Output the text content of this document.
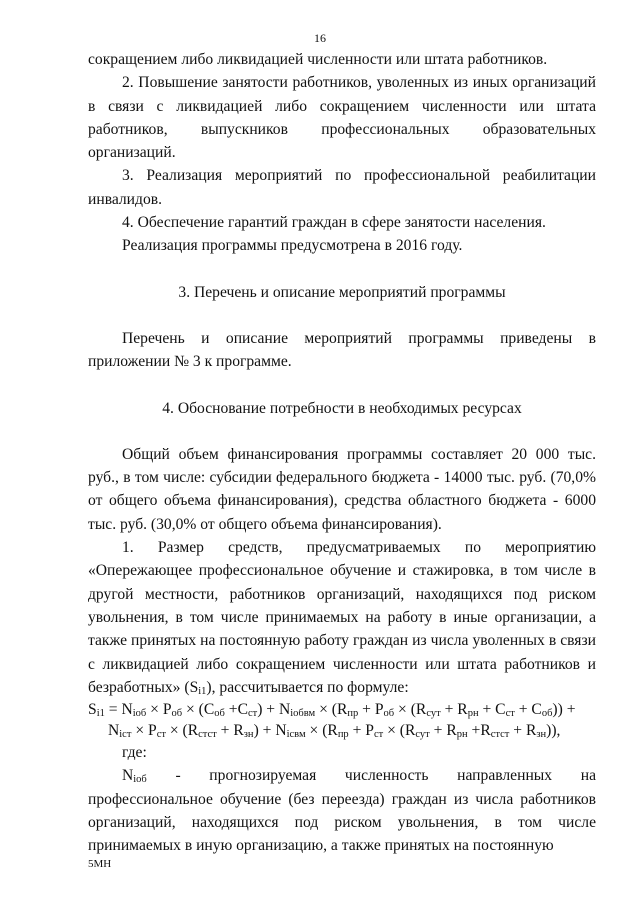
16

сокращением либо ликвидацией численности или штата работников.

2. Повышение занятости работников, уволенных из иных организаций в связи с ликвидацией либо сокращением численности или штата работников, выпускников профессиональных образовательных организаций.

3. Реализация мероприятий по профессиональной реабилитации инвалидов.

4. Обеспечение гарантий граждан в сфере занятости населения.

Реализация программы предусмотрена в 2016 году.

3. Перечень и описание мероприятий программы

Перечень и описание мероприятий программы приведены в приложении № 3 к программе.

4. Обоснование потребности в необходимых ресурсах

Общий объем финансирования программы составляет 20 000 тыс. руб., в том числе: субсидии федерального бюджета - 14000 тыс. руб. (70,0% от общего объема финансирования), средства областного бюджета - 6000 тыс. руб. (30,0% от общего объема финансирования).

1. Размер средств, предусматриваемых по мероприятию «Опережающее профессиональное обучение и стажировка, в том числе в другой местности, работников организаций, находящихся под риском увольнения, в том числе принимаемых на работу в иные организации, а также принятых на постоянную работу граждан из числа уволенных в связи с ликвидацией либо сокращением численности или штата работников и безработных» $(S_{i1})$, рассчитывается по формуле:

$S_{i1} = N_{iоб} \times P_{об} \times (C_{об} +C_{ст}) + N_{iобвм} \times (R_{пр} + P_{об} \times (R_{сут} + R_{рн} + C_{ст} + C_{об}))$ +
$N_{iст} \times P_{ст} \times (R_{стст} + R_{зн}) + N_{iсвм} \times (R_{пр} + P_{ст} \times (R_{сут} + R_{рн} +R_{стст} + R_{зн}))$,

где:

$N_{iоб}$ - прогнозируемая численность направленных на профессиональное обучение (без переезда) граждан из числа работников организаций, находящихся под риском увольнения, в том числе принимаемых в иную организацию, а также принятых на постоянную

5МН
